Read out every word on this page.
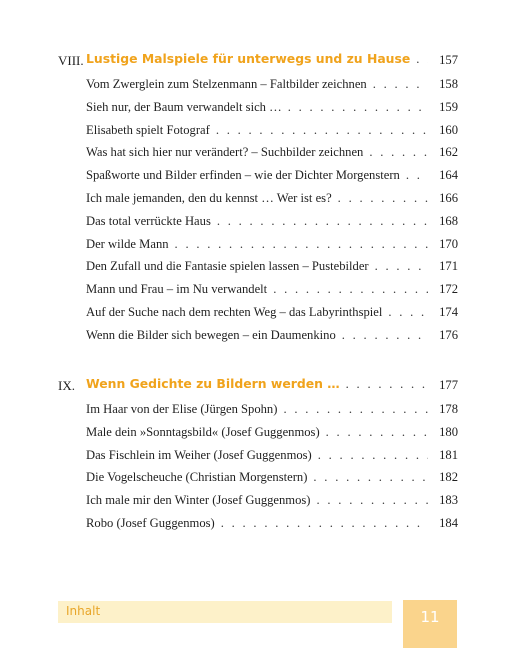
VIII. Lustige Malspiele für unterwegs und zu Hause . . .	157
Vom Zwerglein zum Stelzenmann – Faltbilder zeichnen . . .	158
Sieh nur, der Baum verwandelt sich … . . .	159
Elisabeth spielt Fotograf . . .	160
Was hat sich hier nur verändert? – Suchbilder zeichnen . . .	162
Spaßworte und Bilder erfinden – wie der Dichter Morgenstern . . .	164
Ich male jemanden, den du kennst … Wer ist es? . . .	166
Das total verrückte Haus . . .	168
Der wilde Mann . . .	170
Den Zufall und die Fantasie spielen lassen – Pustebilder . . .	171
Mann und Frau – im Nu verwandelt . . .	172
Auf der Suche nach dem rechten Weg – das Labyrinthspiel . . .	174
Wenn die Bilder sich bewegen – ein Daumenkino . . .	176
IX. Wenn Gedichte zu Bildern werden … . . .	177
Im Haar von der Elise (Jürgen Spohn) . . .	178
Male dein »Sonntagsbild« (Josef Guggenmos) . . .	180
Das Fischlein im Weiher (Josef Guggenmos) . . .	181
Die Vogelscheuche (Christian Morgenstern) . . .	182
Ich male mir den Winter (Josef Guggenmos) . . .	183
Robo (Josef Guggenmos) . . .	184
Inhalt	11
